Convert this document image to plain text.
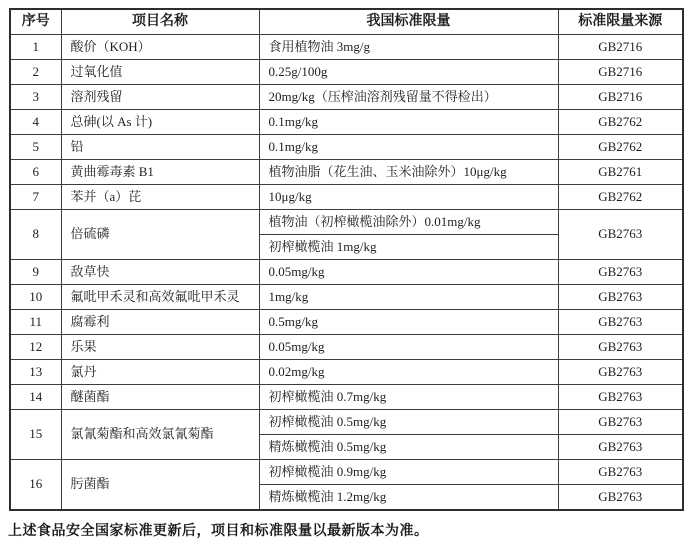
序号	项目名称	我国标准限量	标准限量来源
1	酸价（KOH）	食用植物油 3mg/g	GB2716
2	过氧化值	0.25g/100g	GB2716
3	溶剂残留	20mg/kg（压榨油溶剂残留量不得检出）	GB2716
4	总砷(以 As 计)	0.1mg/kg	GB2762
5	铅	0.1mg/kg	GB2762
6	黄曲霉毒素 B1	植物油脂（花生油、玉米油除外）10μg/kg	GB2761
7	苯并（a）芘	10μg/kg	GB2762
8	倍硫磷	植物油（初榨橄榄油除外）0.01mg/kg	GB2763
		初榨橄榄油 1mg/kg	
9	敌草快	0.05mg/kg	GB2763
10	氟吡甲禾灵和高效氟吡甲禾灵	1mg/kg	GB2763
11	腐霉利	0.5mg/kg	GB2763
12	乐果	0.05mg/kg	GB2763
13	氯丹	0.02mg/kg	GB2763
14	醚菌酯	初榨橄榄油 0.7mg/kg	GB2763
15	氯氰菊酯和高效氯氰菊酯	初榨橄榄油 0.5mg/kg	GB2763
		精炼橄榄油 0.5mg/kg	GB2763
16	肟菌酯	初榨橄榄油 0.9mg/kg	GB2763
		精炼橄榄油 1.2mg/kg	GB2763

上述食品安全国家标准更新后，项目和标准限量以最新版本为准。
